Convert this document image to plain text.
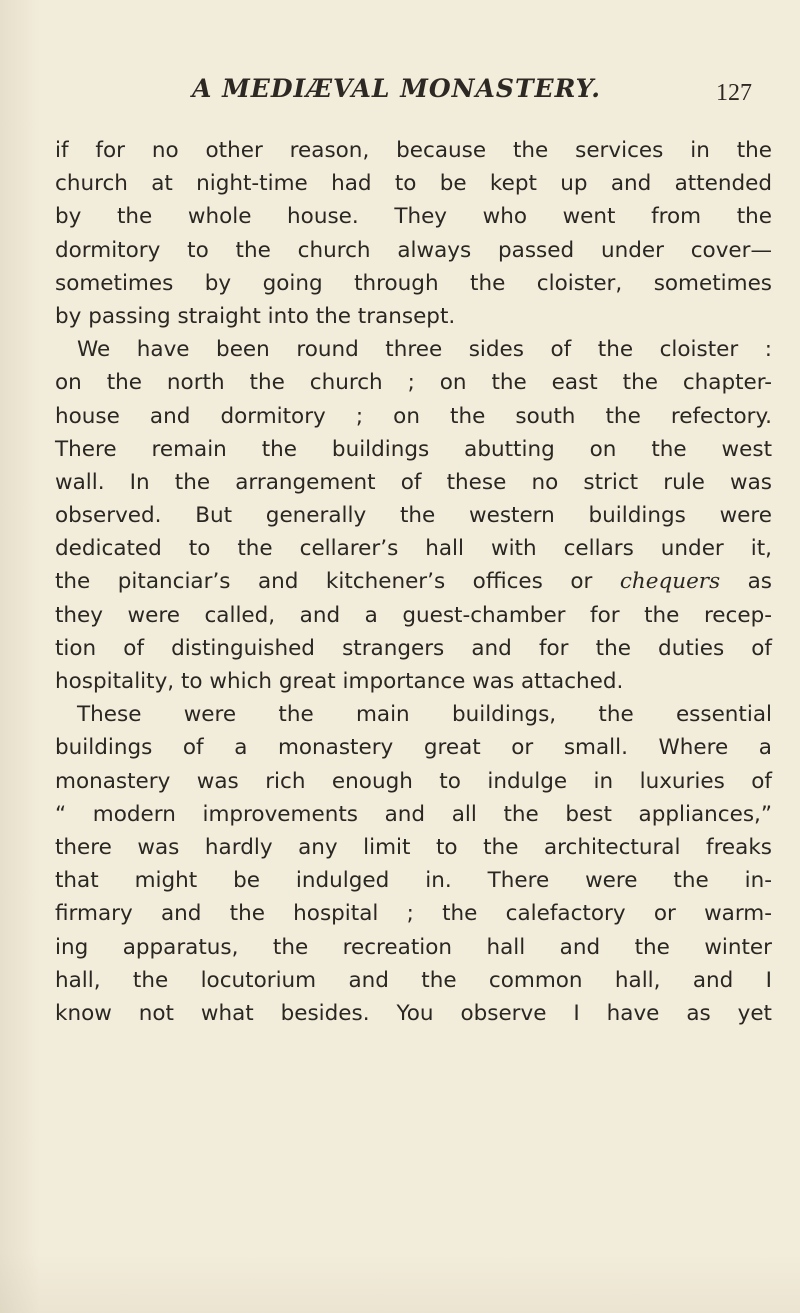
A MEDIÆVAL MONASTERY.	127
if for no other reason, because the services in the
church at night-time had to be kept up and attended
by the whole house. They who went from the
dormitory to the church always passed under cover—
sometimes by going through the cloister, sometimes
by passing straight into the transept.
We have been round three sides of the cloister :
on the north the church ; on the east the chapter-
house and dormitory ; on the south the refectory.
There remain the buildings abutting on the west
wall. In the arrangement of these no strict rule was
observed. But generally the western buildings were
dedicated to the cellarer’s hall with cellars under it,
the pitanciar’s and kitchener’s offices or chequers as
they were called, and a guest-chamber for the recep-
tion of distinguished strangers and for the duties of
hospitality, to which great importance was attached.
These were the main buildings, the essential
buildings of a monastery great or small. Where a
monastery was rich enough to indulge in luxuries of
“ modern improvements and all the best appliances,”
there was hardly any limit to the architectural freaks
that might be indulged in. There were the in-
firmary and the hospital ; the calefactory or warm-
ing apparatus, the recreation hall and the winter
hall, the locutorium and the common hall, and I
know not what besides. You observe I have as yet
